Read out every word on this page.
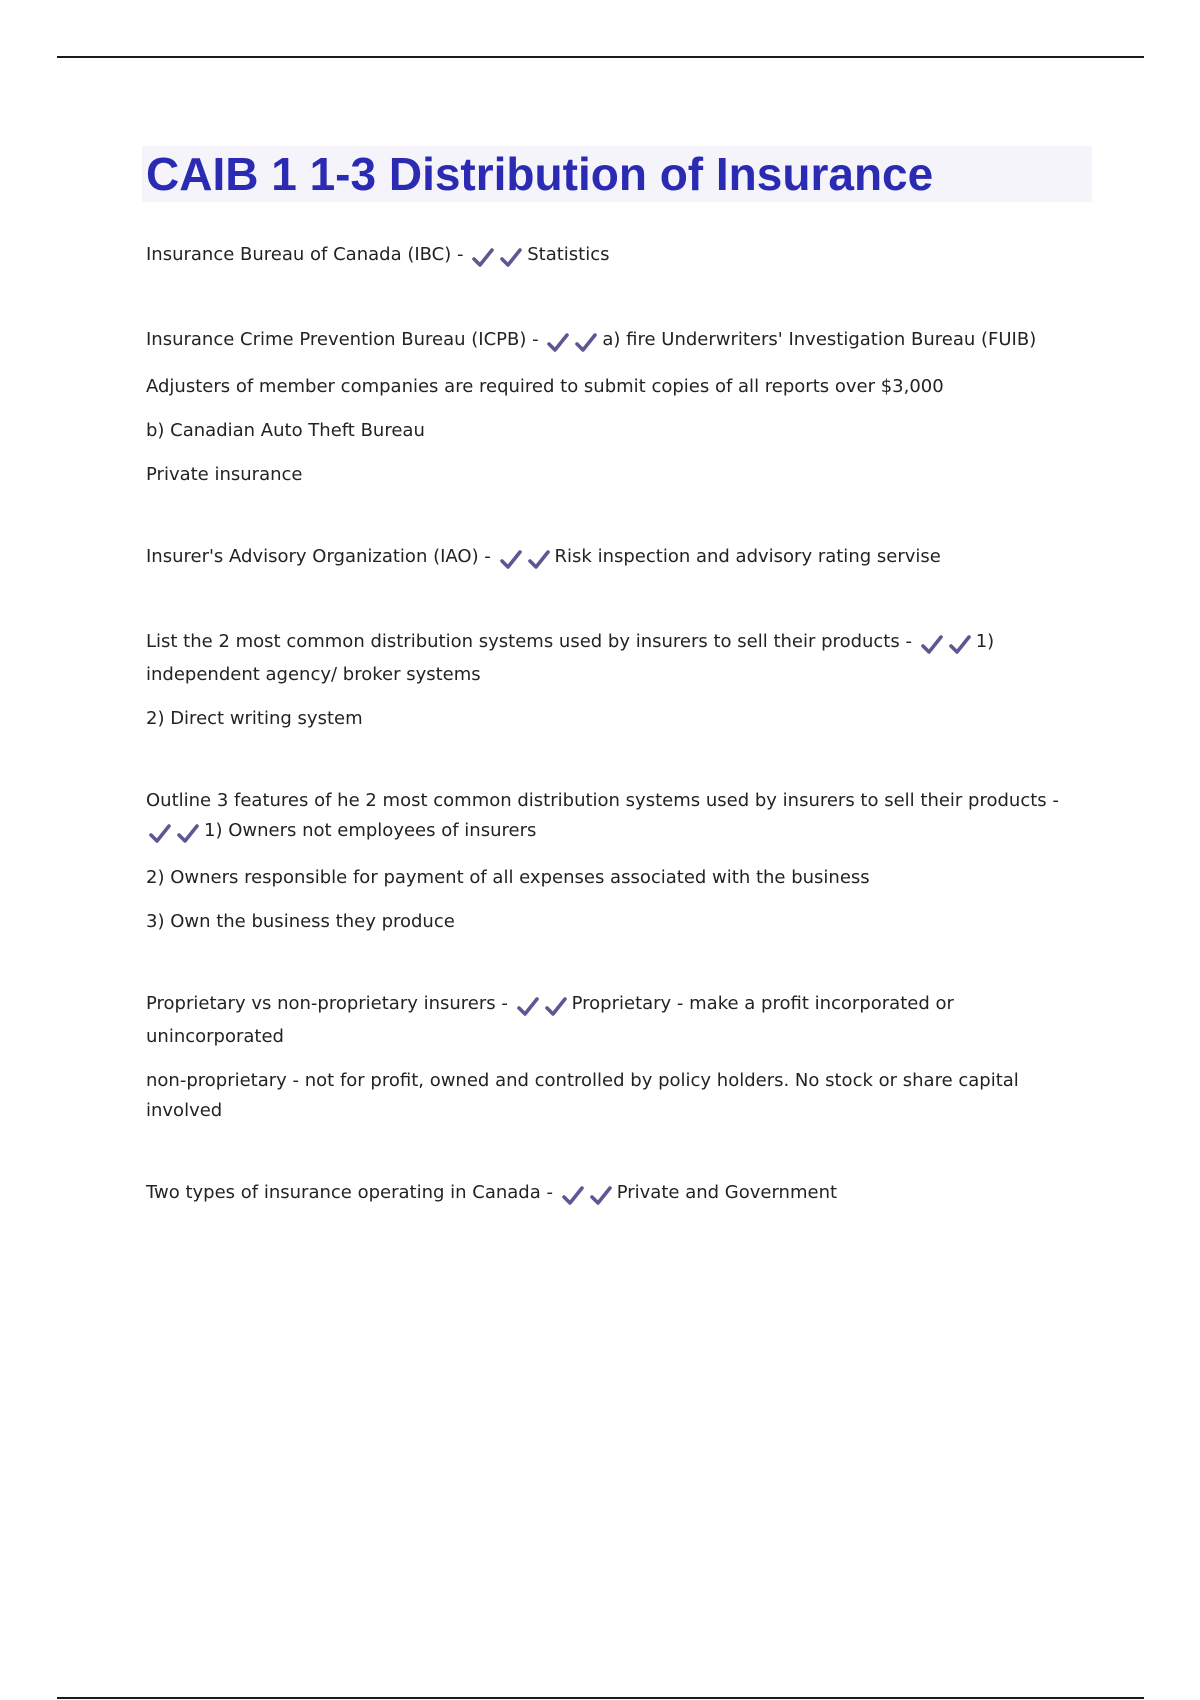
CAIB 1 1-3 Distribution of Insurance

Insurance Bureau of Canada (IBC) -	Statistics

Insurance Crime Prevention Bureau (ICPB) -	a) fire Underwriters' Investigation Bureau (FUIB)

Adjusters of member companies are required to submit copies of all reports over $3,000

b) Canadian Auto Theft Bureau

Private insurance

Insurer's Advisory Organization (IAO) -	Risk inspection and advisory rating servise

List the 2 most common distribution systems used by insurers to sell their products -	1) independent agency/ broker systems

2) Direct writing system

Outline 3 features of he 2 most common distribution systems used by insurers to sell their products - 1) Owners not employees of insurers

2) Owners responsible for payment of all expenses associated with the business

3) Own the business they produce

Proprietary vs non-proprietary insurers -	Proprietary - make a profit incorporated or unincorporated

non-proprietary - not for profit, owned and controlled by policy holders. No stock or share capital involved

Two types of insurance operating in Canada -	Private and Government
